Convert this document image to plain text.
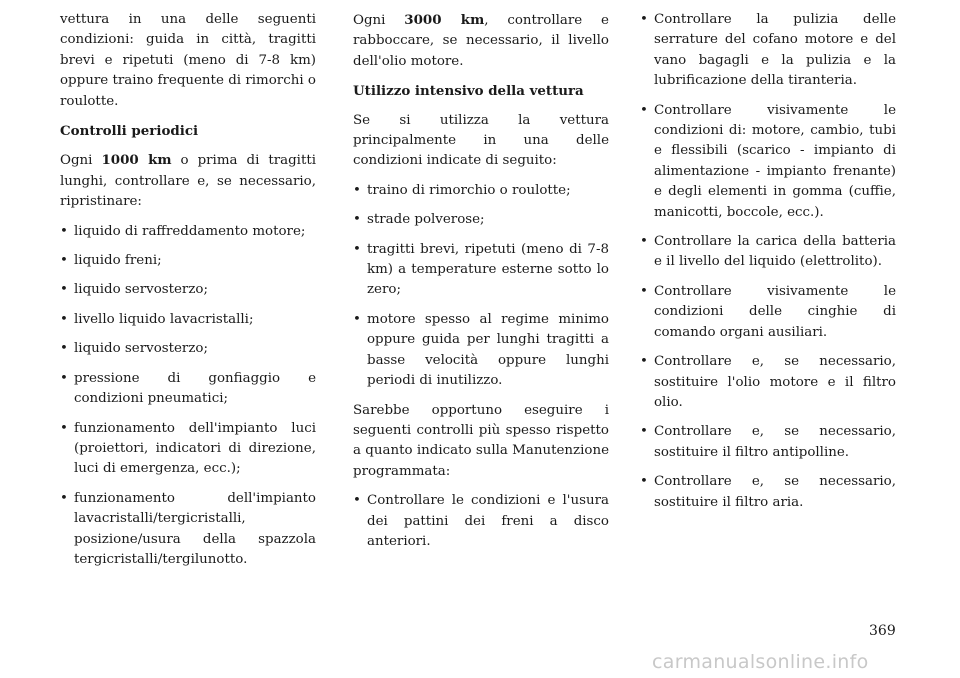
vettura in una delle seguenti condizioni: guida in città, tragitti brevi e ripetuti (meno di 7-8 km) oppure traino frequente di rimorchi o roulotte.

Controlli periodici

Ogni 1000 km o prima di tragitti lunghi, controllare e, se necessario, ripristinare:

• liquido di raffreddamento motore;
• liquido freni;
• liquido servosterzo;
• livello liquido lavacristalli;
• liquido servosterzo;
• pressione di gonfiaggio e condizioni pneumatici;
• funzionamento dell'impianto luci (proiettori, indicatori di direzione, luci di emergenza, ecc.);
• funzionamento dell'impianto lavacristalli/tergicristalli, posizione/usura della spazzola tergicristalli/tergilunotto.

Ogni 3000 km, controllare e rabboccare, se necessario, il livello dell'olio motore.

Utilizzo intensivo della vettura

Se si utilizza la vettura principalmente in una delle condizioni indicate di seguito:

• traino di rimorchio o roulotte;
• strade polverose;
• tragitti brevi, ripetuti (meno di 7-8 km) a temperature esterne sotto lo zero;
• motore spesso al regime minimo oppure guida per lunghi tragitti a basse velocità oppure lunghi periodi di inutilizzo.

Sarebbe opportuno eseguire i seguenti controlli più spesso rispetto a quanto indicato sulla Manutenzione programmata:

• Controllare le condizioni e l'usura dei pattini dei freni a disco anteriori.
• Controllare la pulizia delle serrature del cofano motore e del vano bagagli e la pulizia e la lubrificazione della tiranteria.
• Controllare visivamente le condizioni di: motore, cambio, tubi e flessibili (scarico - impianto di alimentazione - impianto frenante) e degli elementi in gomma (cuffie, manicotti, boccole, ecc.).
• Controllare la carica della batteria e il livello del liquido (elettrolito).
• Controllare visivamente le condizioni delle cinghie di comando organi ausiliari.
• Controllare e, se necessario, sostituire l'olio motore e il filtro olio.
• Controllare e, se necessario, sostituire il filtro antipolline.
• Controllare e, se necessario, sostituire il filtro aria.
369
carmanualsonline.info
